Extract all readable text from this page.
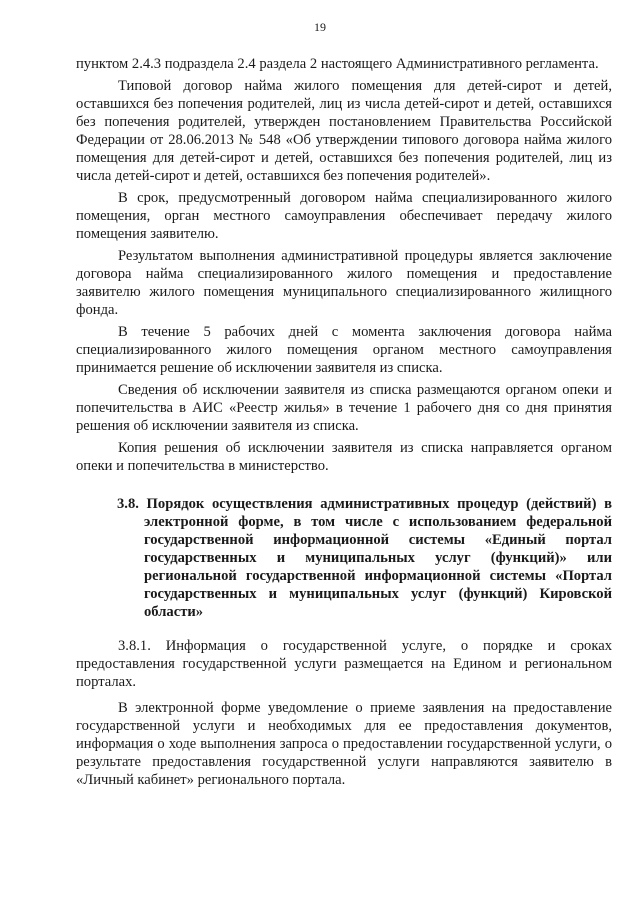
19

пунктом 2.4.3 подраздела 2.4 раздела 2 настоящего Административного регламента.

Типовой договор найма жилого помещения для детей-сирот и детей, оставшихся без попечения родителей, лиц из числа детей-сирот и детей, оставшихся без попечения родителей, утвержден постановлением Правительства Российской Федерации от 28.06.2013 № 548 «Об утверждении типового договора найма жилого помещения для детей-сирот и детей, оставшихся без попечения родителей, лиц из числа детей-сирот и детей, оставшихся без попечения родителей».

В срок, предусмотренный договором найма специализированного жилого помещения, орган местного самоуправления обеспечивает передачу жилого помещения заявителю.

Результатом выполнения административной процедуры является заключение договора найма специализированного жилого помещения и предоставление заявителю жилого помещения муниципального специализированного жилищного фонда.

В течение 5 рабочих дней с момента заключения договора найма специализированного жилого помещения органом местного самоуправления принимается решение об исключении заявителя из списка.

Сведения об исключении заявителя из списка размещаются органом опеки и попечительства в АИС «Реестр жилья» в течение 1 рабочего дня со дня принятия решения об исключении заявителя из списка.

Копия решения об исключении заявителя из списка направляется органом опеки и попечительства в министерство.

3.8. Порядок осуществления административных процедур (действий) в электронной форме, в том числе с использованием федеральной государственной информационной системы «Единый портал государственных и муниципальных услуг (функций)» или региональной государственной информационной системы «Портал государственных и муниципальных услуг (функций) Кировской области»

3.8.1. Информация о государственной услуге, о порядке и сроках предоставления государственной услуги размещается на Едином и региональном порталах.

В электронной форме уведомление о приеме заявления на предоставление государственной услуги и необходимых для ее предоставления документов, информация о ходе выполнения запроса о предоставлении государственной услуги, о результате предоставления государственной услуги направляются заявителю в «Личный кабинет» регионального портала.
